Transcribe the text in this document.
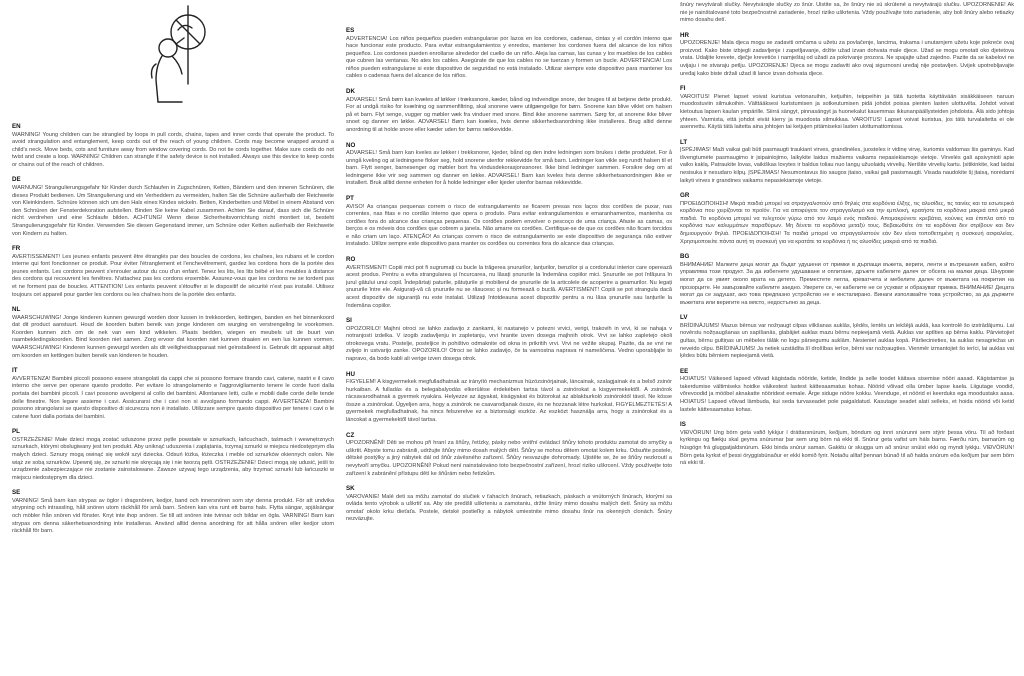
EN

WARNING! Young children can be strangled by loops in pull cords, chains, tapes and inner cords that operate the product. To avoid strangulation and entanglement, keep cords out of the reach of young children. Cords may become wrapped around a child's neck. Move beds, cots and furniture away from window covering cords. Do not tie cords together. Make sure cords do not twist and create a loop. WARNING! Children can strangle if the safety device is not installed. Always use this device to keep cords or chains out of the reach of children.

DE

WARNUNG! Strangulierungsgefahr für Kinder durch Schlaufen in Zugschnüren, Ketten, Bändern und den inneren Schnüren, die dieses Produkt bedienen. Um Strangulierung und ein Verheddern zu vermeiden, halten Sie die Schnüre außerhalb der Reichweite von Kleinkindern. Schnüre können sich um den Hals eines Kindes wickeln. Betten, Kinderbetten und Möbel in einem Abstand von den Schnüren der Fensterdekoration aufstellen. Binden Sie keine Kabel zusammen. Achten Sie darauf, dass sich die Schnüre nicht verdrehen und eine Schlaufe bilden. ACHTUNG! Wenn diese Sicherheitsvorrichtung nicht montiert ist, besteht Strangulierungsgefahr für Kinder. Verwenden Sie diesen Gegenstand immer, um Schnüre oder Ketten außerhalb der Reichweite von Kindern zu halten.

FR

AVERTISSEMENT! Les jeunes enfants peuvent être étranglés par des boucles de cordons, les chaînes, les rubans et le cordon interne qui font fonctionner ce produit. Pour éviter l'étranglement et l'enchevêtrement, gardez les cordons hors de la portée des jeunes enfants. Les cordons peuvent s'enrouler autour du cou d'un enfant. Tenez les lits, les lits bébé et les meubles à distance des cordons qui recouvrent les fenêtres. N'attachez pas les cordons ensemble. Assurez-vous que les cordons ne se tordent pas et ne forment pas de boucles. ATTENTION! Les enfants peuvent s'étouffer si le dispositif de sécurité n'est pas installé. Utilisez toujours cet appareil pour garder les cordons ou les chaînes hors de la portée des enfants.

NL

WAARSCHUWING! Jonge kinderen kunnen gewurgd worden door lussen in trekkoorden, kettingen, banden en het binnenkoord dat dit product aanstuurt. Houd de koorden buiten bereik van jonge kinderen om wurging en verstrengeling te voorkomen. Koorden kunnen zich om de nek van een kind wikkelen. Plaats bedden, wiegen en meubels uit de buurt van raambekledingskoorden. Bind koorden niet samen. Zorg ervoor dat koorden niet kunnen draaien en een lus kunnen vormen. WAARSCHUWING! Kinderen kunnen gewurgd worden als dit veiligheidsapparaat niet geïnstalleerd is. Gebruik dit apparaat altijd om koorden en kettingen buiten bereik van kinderen te houden.

IT

AVVERTENZA! Bambini piccoli possono essere strangolati da cappi che si possono formare tirando cavi, catene, nastri e il cavo interno che serve per operare questo prodotto. Per evitare lo strangolamento e l'aggrovigliamento tenere le corde fuori dalla portata dei bambini piccoli. I cavi possono avvolgersi al collo dei bambini. Allontanare letti, culle e mobili dalle corde delle tende delle finestre. Non legare assieme i cavi. Assicurarsi che i cavi non si avvolgano formando cappi. AVVERTENZA! Bambini possono strangolarsi se questo dispositivo di sicurezza non è installato. Utilizzare sempre questo dispositivo per tenere i cavi o le catene fuori dalla portata dei bambini.

PL

OSTRZEŻENIE! Małe dzieci mogą zostać uduszone przez pętle powstałe w sznurkach, łańcuchach, taśmach i wewnętrznych sznurkach, którymi obsługiwany jest ten produkt. Aby uniknąć uduszenia i zaplątania, trzymaj sznurki w miejscu niedostępnym dla małych dzieci. Sznury mogą owinąć się wokół szyi dziecka. Odsuń łóżka, łóżeczka i meble od sznurków okiennych osłon. Nie wiąż ze sobą sznurków. Upewnij się, że sznurki nie skręcają się i nie tworzą pętli. OSTRZEŻENIE! Dzieci mogą się udusić, jeśli to urządzenie zabezpieczające nie zostanie zainstalowane. Zawsze używaj tego urządzenia, aby trzymać sznurki lub łańcuszki w miejscu niedostępnym dla dzieci.

SE

VARNING! Små barn kan strypas av öglor i dragsnören, kedjor, band och innersnören som styr denna produkt. För att undvika strypning och intrassling, håll snören utom räckhåll för små barn. Snören kan vira runt ett barns hals. Flytta sängar, spjälsängar och möbler från snören vid fönster. Knyt inte ihop snören. Se till att snören inte tvinnar och bildar en ögla. VARNING! Barn kan strypas om denna säkerhetsanordning inte installeras. Använd alltid denna anordning för att hålla snören eller kedjor utom räckhåll för barn.

ES

ADVERTENCIA! Los niños pequeños pueden estrangularse por lazos en los cordones, cadenas, cintas y el cordón interno que hace funcionar este producto. Para evitar estrangulamientos y enredos, mantener los cordones fuera del alcance de los niños pequeños. Los cordones pueden enrollarse alrededor del cuello de un niño. Aleja las camas, las cunas y los muebles de los cables que cubren las ventanas. No ates los cables. Asegúrate de que los cables no se tuerzan y formen un bucle. ADVERTENCIA! Los niños pueden estrangularse si este dispositivo de seguridad no está instalado. Utilizar siempre este dispositivo para mantener los cables o cadenas fuera del alcance de los niños.

DK

ADVARSEL! Små børn kan kvæles af løkker i trækssnore, kæder, bånd og indvendige snore, der bruges til at betjene dette produkt. For at undgå risiko for kvælning og sammenfiltring, skal snorene være utilgængelige for børn. Snorene kan blive viklet om halsen på et barn. Flyt senge, vugger og møbler væk fra vinduer med snore. Bind ikke snorene sammen. Sørg for, at snorene ikke bliver snoet og danner en løkke. ADVARSEL! Børn kan kvæles, hvis denne sikkerhedsanordning ikke installeres. Brug altid denne anordning til at holde snore eller kæder uden for børns rækkevidde.

NO

ADVARSEL! Små barn kan kveles av løkker i trekksnorer, kjeder, bånd og den indre ledningen som brukes i dette produktet. For å unngå kveling og at ledningene floker seg, hold snorene utenfor rekkevidde for små barn. Ledninger kan vikle seg rundt halsen til et barn. Flytt senger, barnesenger og møbler bort fra vindusdekorasjonssnorer. Ikke bind ledninger sammen. Forsikre deg om at ledningene ikke vrir seg sammen og danner en løkke. ADVARSEL! Barn kan kveles hvis denne sikkerhetsanordningen ikke er installert. Bruk alltid denne enheten for å holde ledninger eller kjeder utenfor barnas rekkevidde.

PT

AVISO! As crianças pequenas correm o risco de estrangulamento se ficarem presas nos laços dos cordões de puxar, nas correntes, nas fitas e no cordão interno que opera o produto. Para evitar estrangulamentos e emaranhamentos, mantenha os cordões fora do alcance das crianças pequenas. Os cordões podem envolver o pescoço de uma criança. Afaste as camas, os berços e os móveis dos cordões que cobrem a janela. Não amarre os cordões. Certifique-se de que os cordões não ficam torcidos e não criam um laço. ATENÇÃO! As crianças correm o risco de estrangulamento se este dispositivo de segurança não estiver instalado. Utilize sempre este dispositivo para manter os cordões ou correntes fora do alcance das crianças.

RO

AVERTISMENT! Copiii mici pot fi sugrumați cu bucle la trăgerea șnururilor, lanțurilor, benzilor și a cordonului interior care operează acest produs. Pentru a evita strangularea și încurcarea, nu lăsați șnururile la îndemâna copiilor mici. Șnururile se pot înfășura în jurul gâtului unui copil. Îndepărtați paturile, pătuțurile și mobilierul de șnururile de la articolele de acoperire a geamurilor. Nu legați șnururile între ele. Asigurați-vă că șnururile nu se răsucesc și nu formează o buclă. AVERTISMENT! Copiii se pot strangula dacă acest dispozitiv de siguranță nu este instalat. Utilizați întotdeauna acest dispozitiv pentru a nu lăsa șnururile sau lanțurile la îndemâna copiilor.

SI

OPOZORILO! Majhni otroci se lahko zadavijo z zankami, ki nastanejo v potezni vrvici, verigi, trakovih in vrvi, ki se nahaja v notranjosti izdelka. V izogib zadavljenju in zapletanju, vrvi hranite izven dosega majhnih otrok. Vrvi se lahko zapletejo okoli otrokovega vratu. Postelje, posteljice in pohištvo odmaknite od okna in prikritih vrvi. Vrvi ne vežite skupaj. Pazite, da se vrvi ne zvijejo in ustvarijo zanke. OPOZORILO! Otroci se lahko zadavijo, če ta varnostna naprava ni nameščena. Vedno uporabljajte to napravo, da bodo kabli ali verige izven dosega otrok.

HU

FIGYELEM! A kisgyermekek megfulladhatnak az irányító mechanizmus húzózsinórjainak, láncainak, szalagjainak és a belső zsinór hurkaiban. A fulladás és a belegabalyodás elkerülése érdekében tartsa távol a zsinórokat a kisgyermekektől. A zsinórok rácsavarodhatnak a gyermek nyakára. Helyezze az ágyakat, kiságyakat és bútorokat az ablakburkoló zsinóroktól távol. Ne kösse össze a zsinórokat. Ügyeljen arra, hogy a zsinórok ne csavarodjanak össze, és ne hozzanak létre hurkokat. FIGYELMEZTETÉS! A gyermekek megfulladhatnak, ha nincs felszerelve ez a biztonsági eszköz. Az eszközt használja arra, hogy a zsinórokat és a láncokat a gyermekektől távol tartsa.

CZ

UPOZORNĚNÍ! Děti se mohou při hraní za šňůry, řetízky, pásky nebo vnitřní ovládací šňůry tohoto produktu zamotat do smyčky a uškrtit. Abyste tomu zabránili, udržujte šňůry mimo dosah malých dětí. Šňůry se mohou dětem omotat kolem krku. Odsuňte postele, dětské postýlky a jiný nábytek dál od šňůr závěsného zařízení. Šňůry nesvazujte dohromady. Ujistěte se, že se šňůry nezkroutí a nevytvoří smyčku. UPOZORNĚNÍ! Pokud není nainstalováno toto bezpečnostní zařízení, hrozí riziko uškrcení. Vždy používejte toto zařízení k zabránění přístupu dětí ke šňůrám nebo řetízkům.

SK

VAROVANIE! Malé deti sa môžu zamotať do slučiek v ťahacích šnúrach, retiazkach, páskach a vnútorných šnúrach, ktorými sa ovláda tento výrobok a uškrtiť sa. Aby ste predišli uškrteniu a zamotaniu, držte šnúry mimo dosahu malých detí. Šnúry sa môžu omotať okolo krku dieťaťa. Postele, detské postieľky a nábytok umiestnite mimo dosahu šnúr na okenných clonách. Šnúry nezväzujte.

šnúry nevytvárali slučky. Nevytvárajte slučky zo šnúr. Uistite sa, že šnúry nie sú skrútené a nevytvárajú slučku. UPOZORNENIE! Ak nie je nainštalované toto bezpečnostné zariadenie, hrozí riziko uškrtenia. Vždy používajte toto zariadenie, aby boli šnúry alebo retiazky mimo dosahu detí.

HR

UPOZORENJE! Mala djeca mogu se zadaviti omčama u užetu za povlačenje, lancima, trakama i unutarnjem užetu koje pokreće ovaj proizvod. Kako biste izbjegli zadavljenje i zapetljavanje, držite užad izvan dohvata male djece. Užad se mogu omotati oko djetetova vrata. Udaljite krevete, dječje krevetiće i namještaj od užadi za pokrivanje prozora. Ne spajajte užad zajedno. Pazite da se kabelovi ne uvijaju i ne stvaraju petlju. UPOZORENJE! Djeca se mogu zadaviti ako ovaj sigurnosni uređaj nije postavljen. Uvijek upotrebljavajte uređaj kako biste držali užad ili lance izvan dohvata djece.

FI

VAROITUS! Pienet lapset voivat kuristua vetonaruihin, ketjuihin, teippeihin ja tätä tuotetta käyttävään sisäkkäiseen naruun muodostuviin silmukoihin. Välttääksesi kuristumisen ja sotkeutumisen pidä johdot poissa pienten lasten ulottuvilta. Johdot voivat kietoutua lapsen kaulan ympärille. Siirrä sängyt, pinnasängyt ja huonekalut kauemmas ikkunanpäällysteiden johdoista. Älä sido johtoja yhteen. Varmista, että johdot eivät kierry ja muodosta silmukkaa. VAROITUS! Lapset voivat kuristua, jos tätä turvalaitetta ei ole asennettu. Käytä tätä laitetta aina johtojen tai ketjujen pitämiseksi lasten ulottumattomissa.

LT

ĮSPĖJIMAS! Maži vaikai gali būti pasmaugti traukiant virves, grandinėles, juosteles ir vidinę virvę, kuriomis valdomas šis gaminys. Kad išvengtumėte pasmaugimo ir įsipainiojimo, laikykite laidus mažiems vaikams nepasiekiamoje vietoje. Virvelės gali apsivynioti apie vaiko kaklą. Patraukite lovas, vaikiškas lovytes ir baldus toliau nuo langų užuolaidų virvelių. Nerišite virvelių kartu. Įsitikinkite, kad laidai nesisuka ir nesudaro kilpų. ĮSPĖJIMAS! Nesumontavus šio saugos įtaiso, vaikai gali pasismaugti. Visada naudokite šį įtaisą, norėdami laikyti virves ir grandines vaikams nepasiekiamoje vietoje.

GR

ΠΡΟΕΙΔΟΠΟΙΗΣΗ! Μικρά παιδιά μπορεί να στραγγαλιστούν από θηλιές στα κορδόνια έλξης, τις αλυσίδες, τις ταινίες και τα εσωτερικά κορδόνια που χειρίζονται το προϊόν. Για να αποφύγετε τον στραγγαλισμό και την εμπλοκή, κρατήστε τα κορδόνια μακριά από μικρά παιδιά. Τα κορδόνια μπορεί να τυλιχτούν γύρω από τον λαιμό ενός παιδιού. Απομακρύνετε κρεβάτια, κούνιες και έπιπλα από τα κορδόνια των καλυμμάτων παραθύρων. Μη δένετε τα κορδόνια μεταξύ τους. Βεβαιωθείτε ότι τα κορδόνια δεν στρίβουν και δεν δημιουργούν θηλιά. ΠΡΟΕΙΔΟΠΟΙΗΣΗ! Τα παιδιά μπορεί να στραγγαλιστούν εάν δεν είναι τοποθετημένη η συσκευή ασφαλείας. Χρησιμοποιείτε πάντα αυτή τη συσκευή για να κρατάτε τα κορδόνια ή τις αλυσίδες μακριά από τα παιδιά.

BG

ВНИМАНИЕ! Малките деца могат да бъдат удушени от примки в дърпащи въжета, вериги, ленти и вътрешния кабел, който управлява този продукт. За да избегнете удушаване и оплитане, дръжте кабелите далеч от обсега на малки деца. Шнурове могат да се увият около врата на детето. Преместете легла, креватчета и мебелите далеч от въжетата на покрития на прозорците. Не завързвайте кабелите заедно. Уверете се, че кабелите не се усукват и образуват примка. ВНИМАНИЕ! Децата могат да се задушат, ако това предпазно устройство не е инсталирано. Винаги използвайте това устройство, за да държите въжетата или веригите на място, недостъпно за деца.

LV

BRĪDINĀJUMS! Mazus bērnus var nožņaugt cilpas vilkšanas auklās, ķēdēs, lentēs un iekšējā auklā, kas kontrolē šo izstrādājumu. Lai novērstu nožņaugšanas un sapīšanās, glabājiet auklas mazu bērnu nepieejamā vietā. Auklas var aptīties ap bērna kaklu. Pārvietojiet gultas, bērnu gultiņas un mēbeles tālāk no logu pārsegumu auklām. Nesieniet auklas kopā. Pārliecinieties, ka auklas nesagriežas un neveido cilpu. BRĪDINĀJUMS! Ja netiek uzstādīta šī drošības ierīce, bērni var nožņaugties. Vienmēr izmantojiet šo ierīci, lai auklas vai ķēdes būtu bērniem nepieejamā vietā.

EE

HOIATUS! Väikesed lapsed võivad kägistada nööride, ketide, lindide ja selle toodet käitava sisemise nööri aasad. Kägistamise ja takerdumise vältimiseks hoidke väikestest lastest kättesaamatus kohas. Nöörid võivad olla ümber lapse kaela. Liigutage voodid, võrevoodid ja mööbel aknakatte nööridest eemale. Ärge siduge nööre kokku. Veenduge, et nöörid ei keerduks ega moodustaks aasa. HOIATUS! Lapsed võivad lämbuda, kui seda turvaseadet pole paigaldatud. Kasutage seadet alati selleks, et hoida nöörid või ketid lastele kättesaamatus kohas.

IS

VIÐVÖRUN! Ung börn geta vafið lykkjur í dráttarsnúrum, keðjum, böndum og innri snúrunni sem stýrir þessa vöru. Til að forðast kyrkingu og flækju skal geyma snúrurnar þar sem ung börn ná ekki til. Snúrur geta vafist um háls barns. Færðu rúm, barnarúm og húsgögn frá gluggatjaldsnúrum. Ekki binda snúrur saman. Gakktu úr skugga um að snúrur snúist ekki og myndi lykkju. VIÐVÖRUN! Börn geta kyrkst ef þessi öryggisbúnaður er ekki komið fyrir. Notaðu alltaf þennan búnað til að halda snúrum eða keðjum þar sem börn ná ekki til.
